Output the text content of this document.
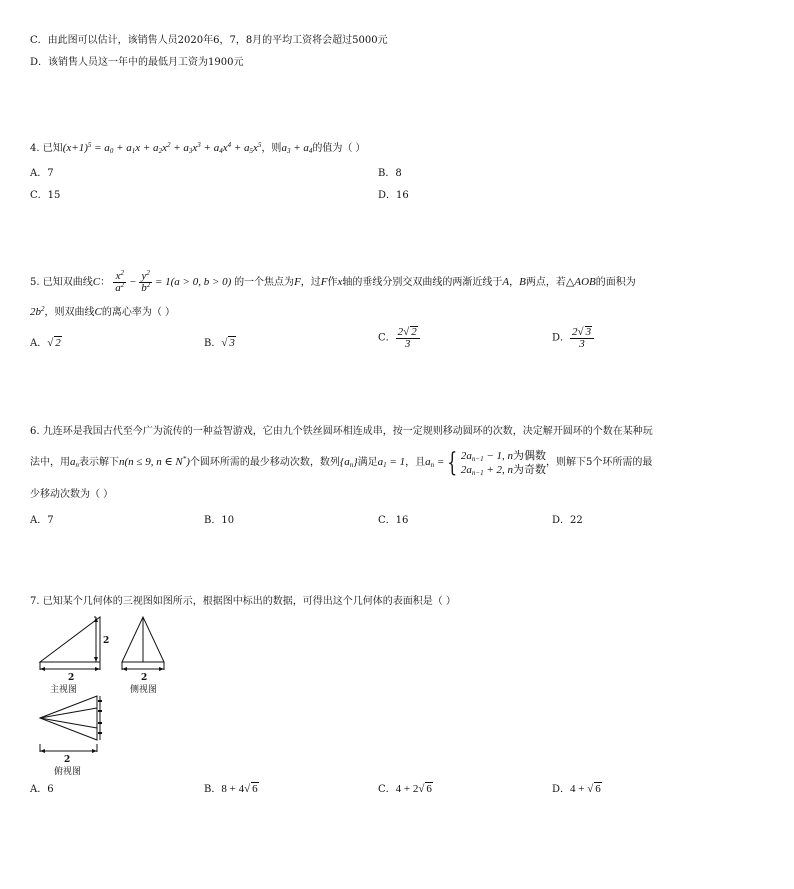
C．由此图可以估计，该销售人员2020年6，7，8月的平均工资将会超过5000元
D．该销售人员这一年中的最低月工资为1900元
4. 已知$(x+1)^5 = a_0 + a_1x + a_2x^2 + a_3x^3 + a_4x^4 + a_5x^5$，则$a_3 + a_4$的值为（ ）
A．7	B．8
C．15	D．16
5. 已知双曲线C： $\frac{x^2}{a^2} - \frac{y^2}{b^2} = 1(a > 0$, b > 0) 的一个焦点为F，过F作x轴的垂线分别交双曲线的两渐近线于A，B两点，若△AOB的面积为
$2b^2$，则双曲线C的离心率为（ ）
A．√ 2	B．√ 3	C． $\frac{2√ 2}{3}$	D． $\frac{2√ 3}{3}$
6. 九连环是我国古代至今广为流传的一种益智游戏，它由九个铁丝圆环相连成串，按一定规则移动圆环的次数，决定解开圆环的个数在某种玩
法中，用$a_n$表示解下n(n ≤ 9, n ∈ N*)个圆环所需的最少移动次数，数列$\{a_n\}$满足$a_1 = 1$，且$a_n$ = { $2a_{n-1} - 1$, n为偶数
$2a_{n-1} + 2$, n为奇数，则解下5个环所需的最
少移动次数为（ ）
A．7	B．10	C．16	D．22
7. 已知某个几何体的三视图如图所示，根据图中标出的数据，可得出这个几何体的表面积是（ ）
2	2
2
2
主视图	侧视图
俯视图
A．6	B．8 + 4√ 6	C．4 + 2√ 6	D．4 + √ 6
